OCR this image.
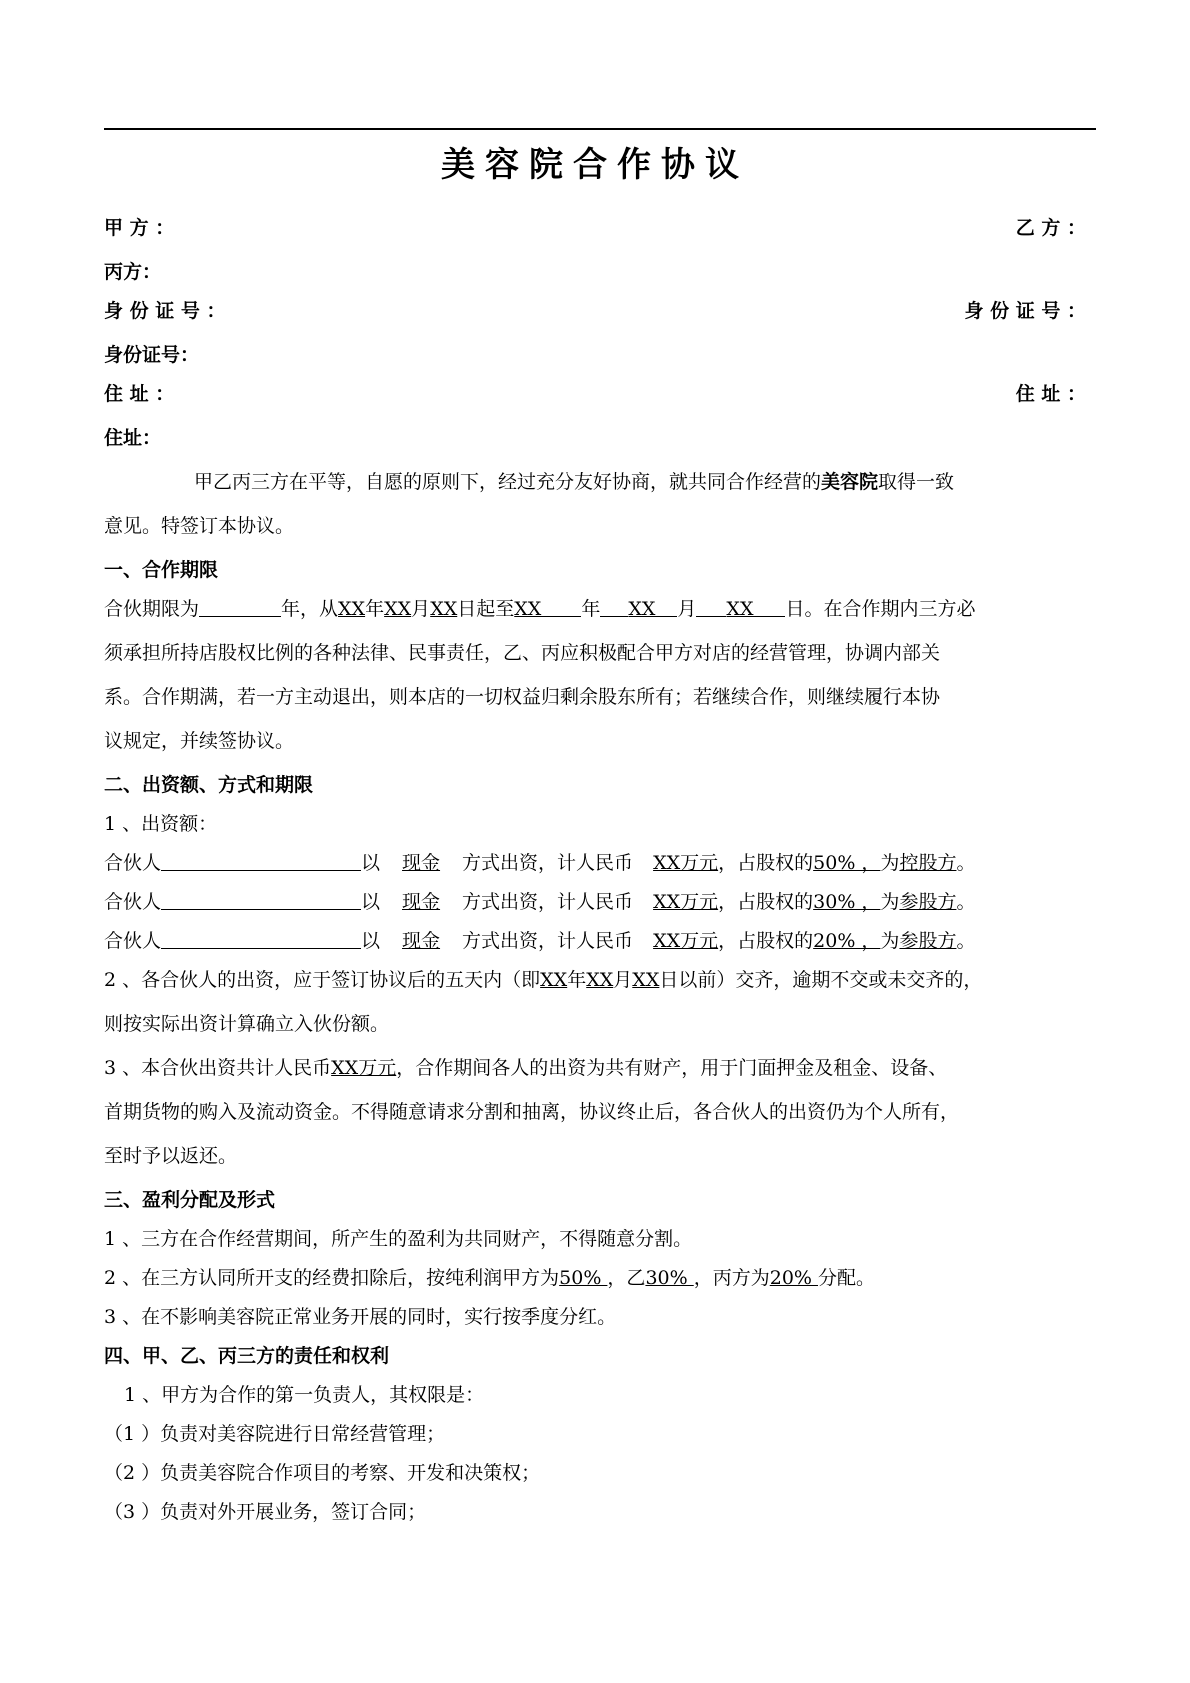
美容院合作协议
甲 方 ：	乙 方 ：
丙方：
身 份 证 号 ：	身 份 证 号 ：
身份证号：
住 址 ：	住 址 ：
住址：
甲乙丙三方在平等，自愿的原则下，经过充分友好协商，就共同合作经营的美容院取得一致
意见。特签订本协议。
一、合作期限
合伙期限为	年，从XX年XX月XX日起至XX 年 XX 月 XX 日。在合作期内三方必
须承担所持店股权比例的各种法律、民事责任，乙、丙应积极配合甲方对店的经营管理，协调内部关
系。合作期满，若一方主动退出，则本店的一切权益归剩余股东所有；若继续合作，则继续履行本协
议规定，并续签协议。
二、出资额、方式和期限
1 、出资额：
合伙人	以 现金 方式出资，计人民币 XX万元，占股权的50% ，为控股方。
合伙人	以 现金 方式出资，计人民币 XX万元，占股权的30% ，为参股方。
合伙人	以 现金 方式出资，计人民币 XX万元，占股权的20% ，为参股方。
2 、各合伙人的出资，应于签订协议后的五天内（即XX年XX月XX日以前）交齐，逾期不交或未交齐的，
则按实际出资计算确立入伙份额。
3 、本合伙出资共计人民币XX万元，合作期间各人的出资为共有财产，用于门面押金及租金、设备、
首期货物的购入及流动资金。不得随意请求分割和抽离，协议终止后，各合伙人的出资仍为个人所有，
至时予以返还。
三、盈利分配及形式
1 、三方在合作经营期间，所产生的盈利为共同财产，不得随意分割。
2 、在三方认同所开支的经费扣除后，按纯利润甲方为50% ，乙30% ，丙方为20% 分配。
3 、在不影响美容院正常业务开展的同时，实行按季度分红。
四、甲、乙、丙三方的责任和权利
1 、甲方为合作的第一负责人，其权限是：
（1 ）负责对美容院进行日常经营管理；
（2 ）负责美容院合作项目的考察、开发和决策权；
（3 ）负责对外开展业务，签订合同；
